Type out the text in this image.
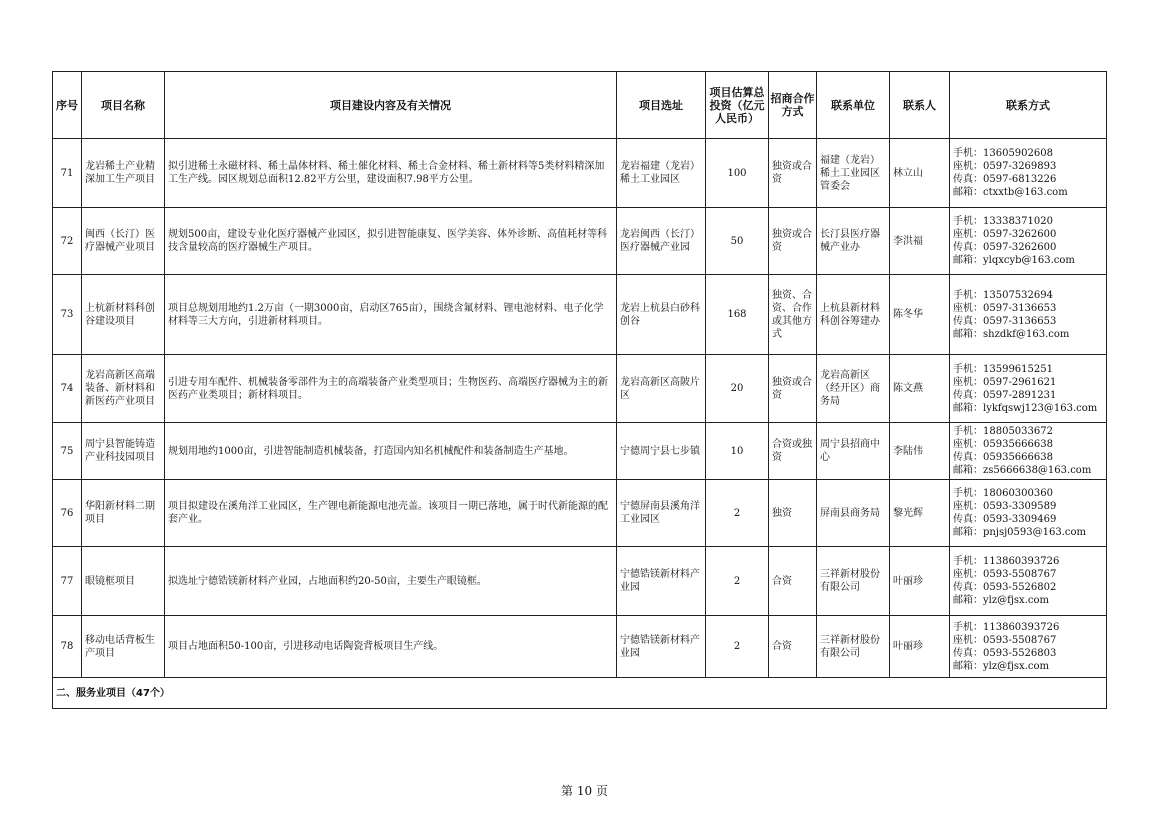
序号	项目名称	项目建设内容及有关情况	项目选址	项目估算总投资（亿元人民币）	招商合作方式	联系单位	联系人	联系方式
71	龙岩稀土产业精深加工生产项目	拟引进稀土永磁材料、稀土晶体材料、稀土催化材料、稀土合金材料、稀土新材料等5类材料精深加工生产线。园区规划总面积12.82平方公里，建设面积7.98平方公里。	龙岩福建（龙岩）稀土工业园区	100	独资或合资	福建（龙岩）稀土工业园区管委会	林立山	手机：13605902608
座机：0597-3269893
传真：0597-6813226
邮箱：ctxxtb@163.com

72	闽西（长汀）医疗器械产业项目	规划500亩，建设专业化医疗器械产业园区，拟引进智能康复、医学美容、体外诊断、高值耗材等科技含量较高的医疗器械生产项目。	龙岩闽西（长汀）医疗器械产业园	50	独资或合资	长汀县医疗器械产业办	李洪福	手机：13338371020
座机：0597-3262600
传真：0597-3262600
邮箱：ylqxcyb@163.com

73	上杭新材料科创谷建设项目	项目总规划用地约1.2万亩（一期3000亩，启动区765亩），围绕含氟材料、锂电池材料、电子化学材料等三大方向，引进新材料项目。	龙岩上杭县白砂科创谷	168	独资、合资、合作或其他方式	上杭县新材料科创谷筹建办	陈冬华	手机：13507532694
座机：0597-3136653
传真：0597-3136653
邮箱：shzdkf@163.com

74	龙岩高新区高端装备、新材料和新医药产业项目	引进专用车配件、机械装备零部件为主的高端装备产业类型项目；生物医药、高端医疗器械为主的新医药产业类项目；新材料项目。	龙岩高新区高陂片区	20	独资或合资	龙岩高新区（经开区）商务局	陈文燕	手机：13599615251
座机：0597-2961621
传真：0597-2891231
邮箱：lykfqswj123@163.com

75	周宁县智能铸造产业科技园项目	规划用地约1000亩，引进智能制造机械装备，打造国内知名机械配件和装备制造生产基地。	宁德周宁县七步镇	10	合资或独资	周宁县招商中心	李陆伟	手机：18805033672
座机：05935666638
传真：05935666638
邮箱：zs5666638@163.com

76	华阳新材料二期项目	项目拟建设在溪角洋工业园区，生产锂电新能源电池壳盖。该项目一期已落地，属于时代新能源的配套产业。	宁德屏南县溪角洋工业园区	2	独资	屏南县商务局	黎光辉	手机：18060300360
座机：0593-3309589
传真：0593-3309469
邮箱：pnjsj0593@163.com

77	眼镜框项目	拟选址宁德锆镁新材料产业园，占地面积约20-50亩，主要生产眼镜框。	宁德锆镁新材料产业园	2	合资	三祥新材股份有限公司	叶丽珍	手机：113860393726
座机：0593-5508767
传真：0593-5526802
邮箱：ylz@fjsx.com

78	移动电话背板生产项目	项目占地面积50-100亩，引进移动电话陶瓷背板项目生产线。	宁德锆镁新材料产业园	2	合资	三祥新材股份有限公司	叶丽珍	手机：113860393726
座机：0593-5508767
传真：0593-5526803
邮箱：ylz@fjsx.com

二、服务业项目（47个）								
第 10 页
